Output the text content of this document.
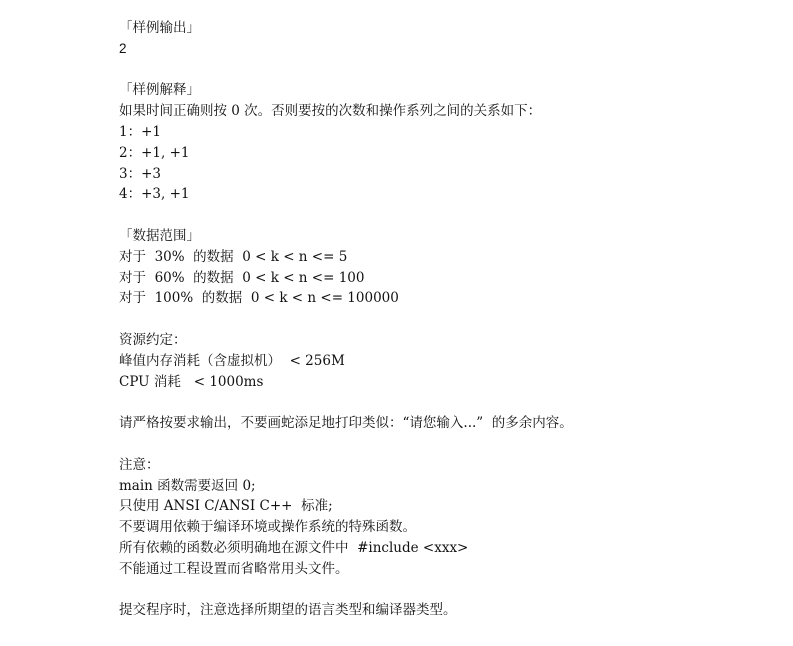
「样例输出」
2
「样例解释」
如果时间正确则按 0 次。否则要按的次数和操作系列之间的关系如下：
1：+1
2：+1, +1
3：+3
4：+3, +1
「数据范围」
对于  30%  的数据  0 < k < n <= 5
对于  60%  的数据  0 < k < n <= 100
对于  100%  的数据  0 < k < n <= 100000
资源约定：
峰值内存消耗（含虚拟机）  < 256M
CPU 消耗   < 1000ms
请严格按要求输出，不要画蛇添足地打印类似：“请您输入...”  的多余内容。
注意：
main 函数需要返回 0;
只使用 ANSI C/ANSI C++  标准;
不要调用依赖于编译环境或操作系统的特殊函数。
所有依赖的函数必须明确地在源文件中  #include <xxx>
不能通过工程设置而省略常用头文件。
提交程序时，注意选择所期望的语言类型和编译器类型。
